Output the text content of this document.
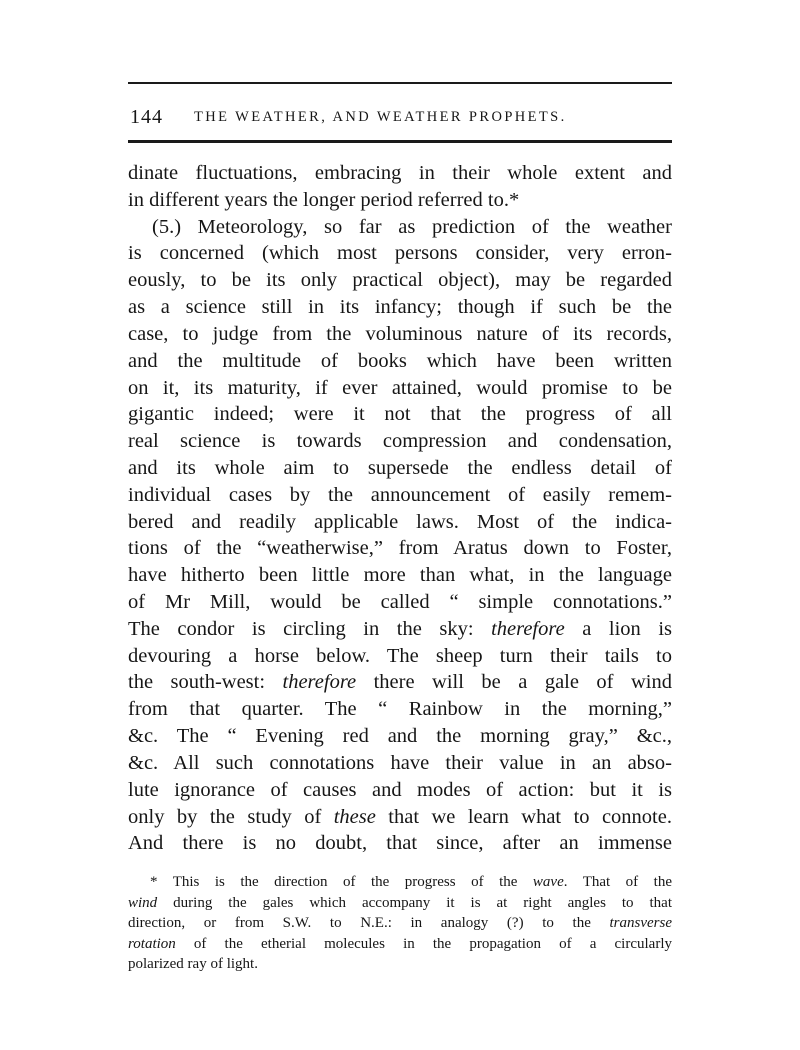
144 THE WEATHER, AND WEATHER PROPHETS.
dinate fluctuations, embracing in their whole extent and
in different years the longer period referred to.*
(5.) Meteorology, so far as prediction of the weather
is concerned (which most persons consider, very erron-
eously, to be its only practical object), may be regarded
as a science still in its infancy; though if such be the
case, to judge from the voluminous nature of its records,
and the multitude of books which have been written
on it, its maturity, if ever attained, would promise to be
gigantic indeed; were it not that the progress of all
real science is towards compression and condensation,
and its whole aim to supersede the endless detail of
individual cases by the announcement of easily remem-
bered and readily applicable laws. Most of the indica-
tions of the “weatherwise,” from Aratus down to Foster,
have hitherto been little more than what, in the language
of Mr Mill, would be called “ simple connotations.”
The condor is circling in the sky: therefore a lion is
devouring a horse below. The sheep turn their tails to
the south-west: therefore there will be a gale of wind
from that quarter. The “ Rainbow in the morning,”
&c. The “ Evening red and the morning gray,” &c.,
&c. All such connotations have their value in an abso-
lute ignorance of causes and modes of action: but it is
only by the study of these that we learn what to connote.
And there is no doubt, that since, after an immense
* This is the direction of the progress of the wave. That of the
wind during the gales which accompany it is at right angles to that
direction, or from S.W. to N.E.: in analogy (?) to the transverse
rotation of the etherial molecules in the propagation of a circularly
polarized ray of light.
